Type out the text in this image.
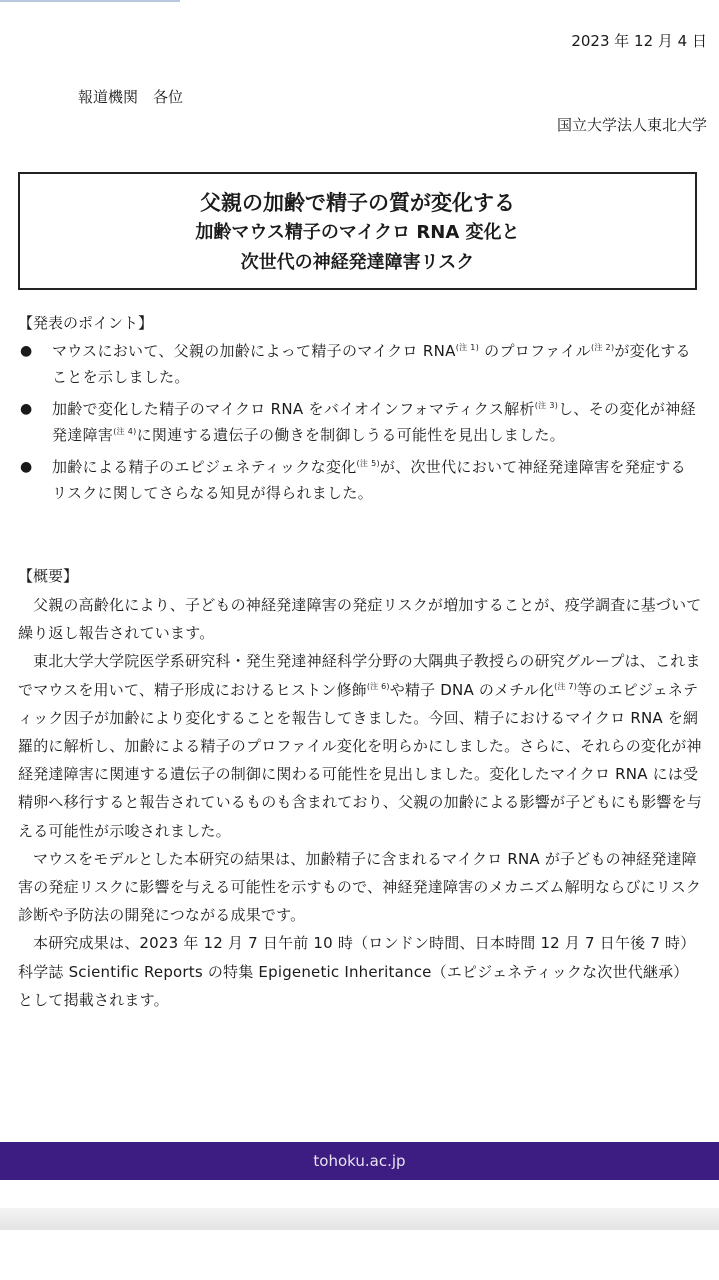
2023 年 12 月 4 日
報道機関　各位
国立大学法人東北大学
父親の加齢で精子の質が変化する
加齢マウス精子のマイクロ RNA 変化と
次世代の神経発達障害リスク
【発表のポイント】
● マウスにおいて、父親の加齢によって精子のマイクロ $RNA^{(注 1)}$ のプロファイル$^{(注 2)}$が変化することを示しました。
● 加齢で変化した精子のマイクロ RNA をバイオインフォマティクス解析$^{(注 3)}$し、その変化が神経発達障害$^{(注 4)}$に関連する遺伝子の働きを制御しうる可能性を見出しました。
● 加齢による精子のエピジェネティックな変化$^{(注 5)}$が、次世代において神経発達障害を発症するリスクに関してさらなる知見が得られました。
【概要】

父親の高齢化により、子どもの神経発達障害の発症リスクが増加することが、疫学調査に基づいて繰り返し報告されています。

東北大学大学院医学系研究科・発生発達神経科学分野の大隅典子教授らの研究グループは、これまでマウスを用いて、精子形成におけるヒストン修飾$^{(注 6)}$や精子 DNA のメチル化$^{(注 7)}$等のエピジェネティック因子が加齢により変化することを報告してきました。今回、精子におけるマイクロ RNA を網羅的に解析し、加齢による精子のプロファイル変化を明らかにしました。さらに、それらの変化が神経発達障害に関連する遺伝子の制御に関わる可能性を見出しました。変化したマイクロ RNA には受精卵へ移行すると報告されているものも含まれており、父親の加齢による影響が子どもにも影響を与える可能性が示唆されました。

マウスをモデルとした本研究の結果は、加齢精子に含まれるマイクロ RNA が子どもの神経発達障害の発症リスクに影響を与える可能性を示すもので、神経発達障害のメカニズム解明ならびにリスク診断や予防法の開発につながる成果です。

本研究成果は、2023 年 12 月 7 日午前 10 時（ロンドン時間、日本時間 12 月 7 日午後 7 時）科学誌 Scientific Reports の特集 Epigenetic Inheritance（エピジェネティックな次世代継承）として掲載されます。

tohoku.ac.jp
